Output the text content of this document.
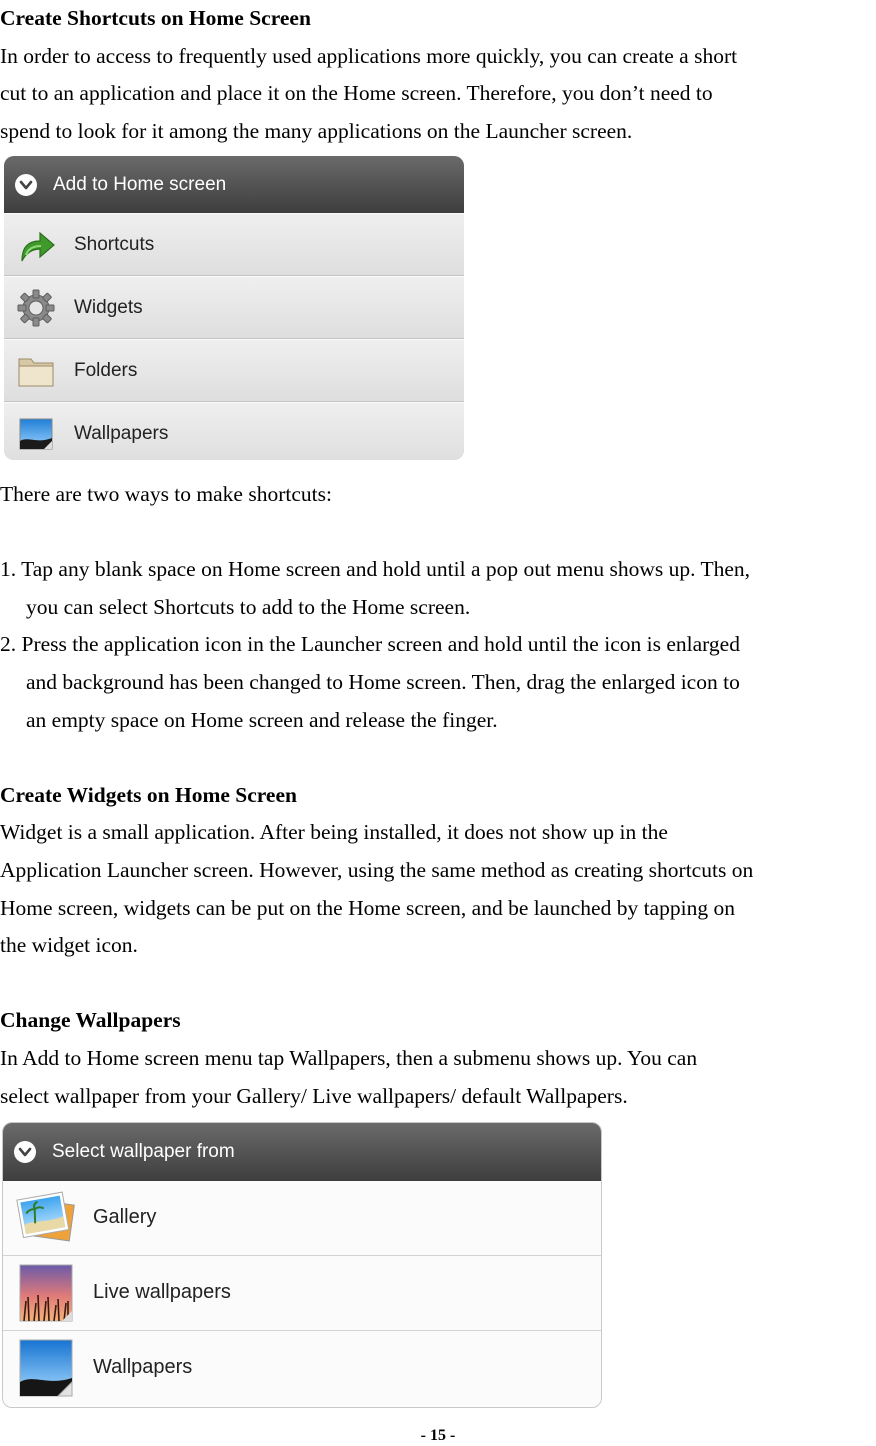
Create Shortcuts on Home Screen

In order to access to frequently used applications more quickly, you can create a short

cut to an application and place it on the Home screen. Therefore, you don’t need to

spend to look for it among the many applications on the Launcher screen.

Add to Home screen
Shortcuts
Widgets
Folders
Wallpapers

There are two ways to make shortcuts:

1. Tap any blank space on Home screen and hold until a pop out menu shows up. Then,
you can select Shortcuts to add to the Home screen.

2. Press the application icon in the Launcher screen and hold until the icon is enlarged
and background has been changed to Home screen. Then, drag the enlarged icon to
an empty space on Home screen and release the finger.

Create Widgets on Home Screen

Widget is a small application. After being installed, it does not show up in the

Application Launcher screen. However, using the same method as creating shortcuts on

Home screen, widgets can be put on the Home screen, and be launched by tapping on

the widget icon.

Change Wallpapers

In Add to Home screen menu tap Wallpapers, then a submenu shows up. You can

select wallpaper from your Gallery/ Live wallpapers/ default Wallpapers.

Select wallpaper from
Gallery
Live wallpapers
Wallpapers
- 15 -
